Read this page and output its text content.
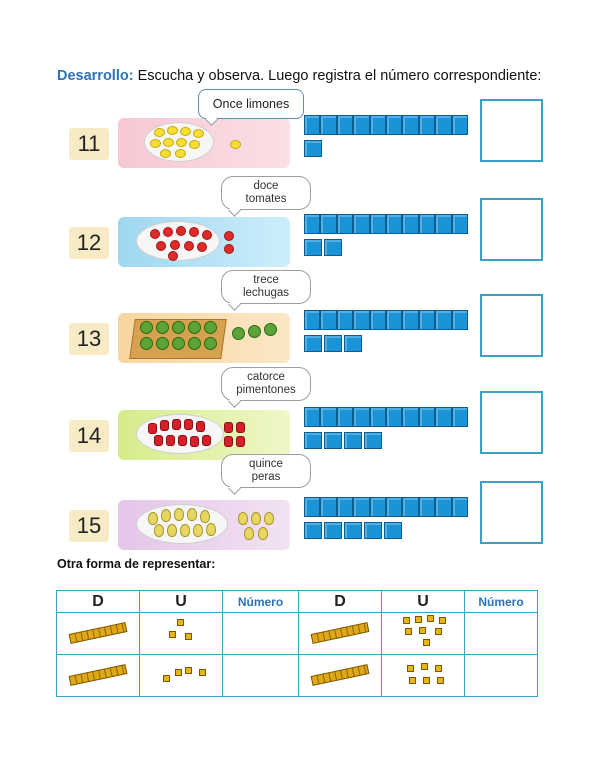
Desarrollo: Escucha y observa. Luego registra el número correspondiente:
11
Once limones
12
doce
tomates
13
trece
lechugas
14
catorce
pimentones
15
quince
peras
Otra forma de representar:
D	U	Número	D	U	Número
